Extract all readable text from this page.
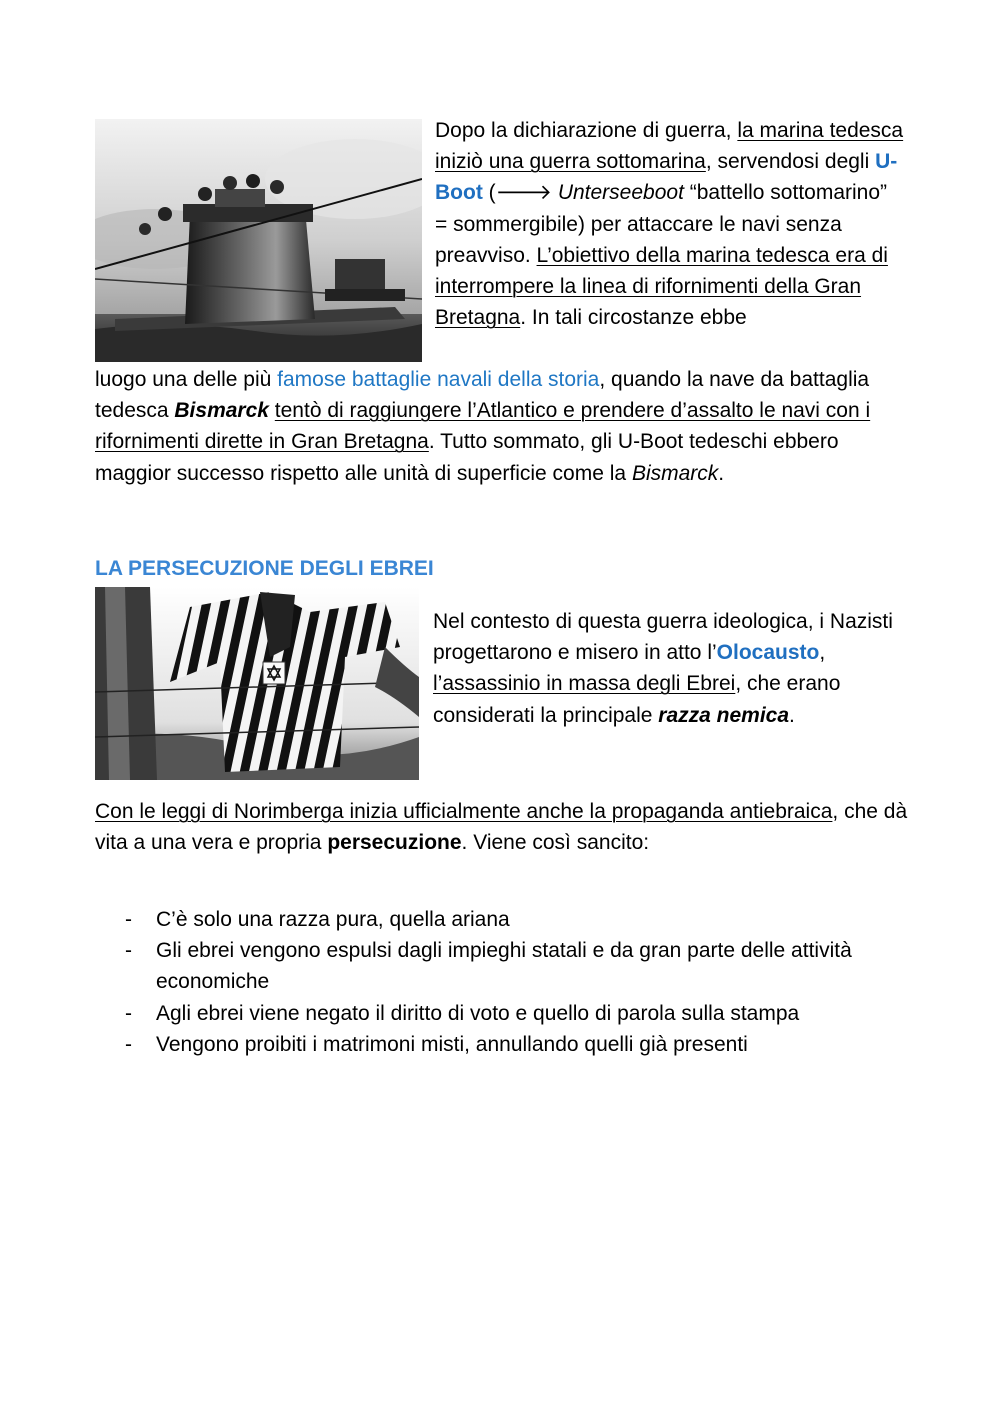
Dopo la dichiarazione di guerra, la marina tedesca iniziò una guerra sottomarina, servendosi degli U-Boot (🡒 Unterseeboot “battello sottomarino” = sommergibile) per attaccare le navi senza preavviso. L’obiettivo della marina tedesca era di interrompere la linea di rifornimenti della Gran Bretagna. In tali circostanze ebbe

luogo una delle più famose battaglie navali della storia, quando la nave da battaglia tedesca Bismarck tentò di raggiungere l’Atlantico e prendere d’assalto le navi con i rifornimenti dirette in Gran Bretagna. Tutto sommato, gli U-Boot tedeschi ebbero maggior successo rispetto alle unità di superficie come la Bismarck.

LA PERSECUZIONE DEGLI EBREI

Nel contesto di questa guerra ideologica, i Nazisti progettarono e misero in atto l’Olocausto, l’assassinio in massa degli Ebrei, che erano considerati la principale razza nemica.

Con le leggi di Norimberga inizia ufficialmente anche la propaganda antiebraica, che dà vita a una vera e propria persecuzione. Viene così sancito:

- C’è solo una razza pura, quella ariana
- Gli ebrei vengono espulsi dagli impieghi statali e da gran parte delle attività economiche
- Agli ebrei viene negato il diritto di voto e quello di parola sulla stampa
- Vengono proibiti i matrimoni misti, annullando quelli già presenti
